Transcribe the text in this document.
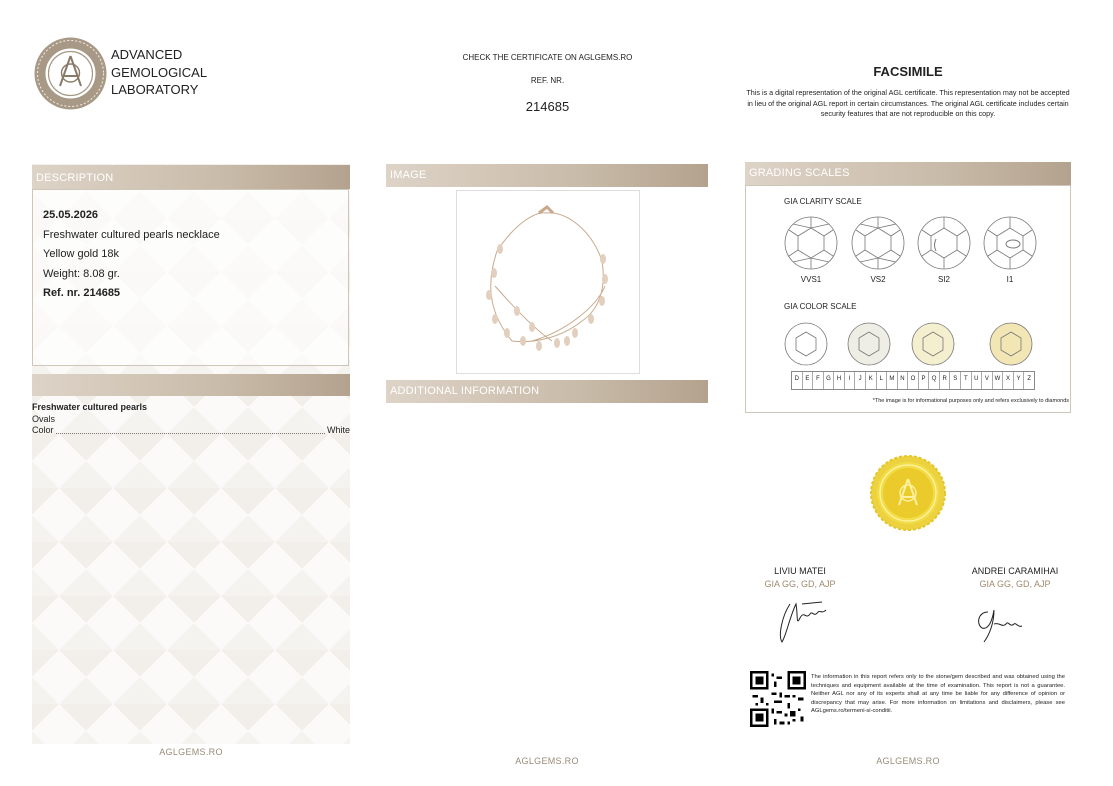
ADVANCED
GEMOLOGICAL
LABORATORY
CHECK THE CERTIFICATE ON AGLGEMS.RO
REF. NR.
214685
FACSIMILE
This is a digital representation of the original AGL certificate. This representation may not be accepted in lieu of the original AGL report in certain circumstances. The original AGL certificate includes certain security features that are not reproducible on this copy.
DESCRIPTION
25.05.2026
Freshwater cultured pearls necklace
Yellow gold 18k
Weight: 8.08 gr.
Ref. nr. 214685
Freshwater cultured pearls
Ovals
Color	White
AGLGEMS.RO
IMAGE
ADDITIONAL INFORMATION
AGLGEMS.RO
GRADING SCALES
GIA CLARITY SCALE
VVS1	VS2	SI2	I1
GIA COLOR SCALE
D	E	F	G	H	I	J	K	L	M N	O	P	Q	R	S	T	U	V W X	Y	Z
*The image is for informational purposes only and refers exclusively to diamonds
LIVIU MATEI
GIA GG, GD, AJP
ANDREI CARAMIHAI
GIA GG, GD, AJP
The information in this report refers only to the stone/gem described and was obtained using the techniques and equipment available at the time of examination. This report is not a guarantee. Neither AGL nor any of its experts shall at any time be liable for any difference of opinion or discrepancy that may arise. For more information on limitations and disclaimers, please see AGLgems.ro/termeni-si-conditii.
AGLGEMS.RO
